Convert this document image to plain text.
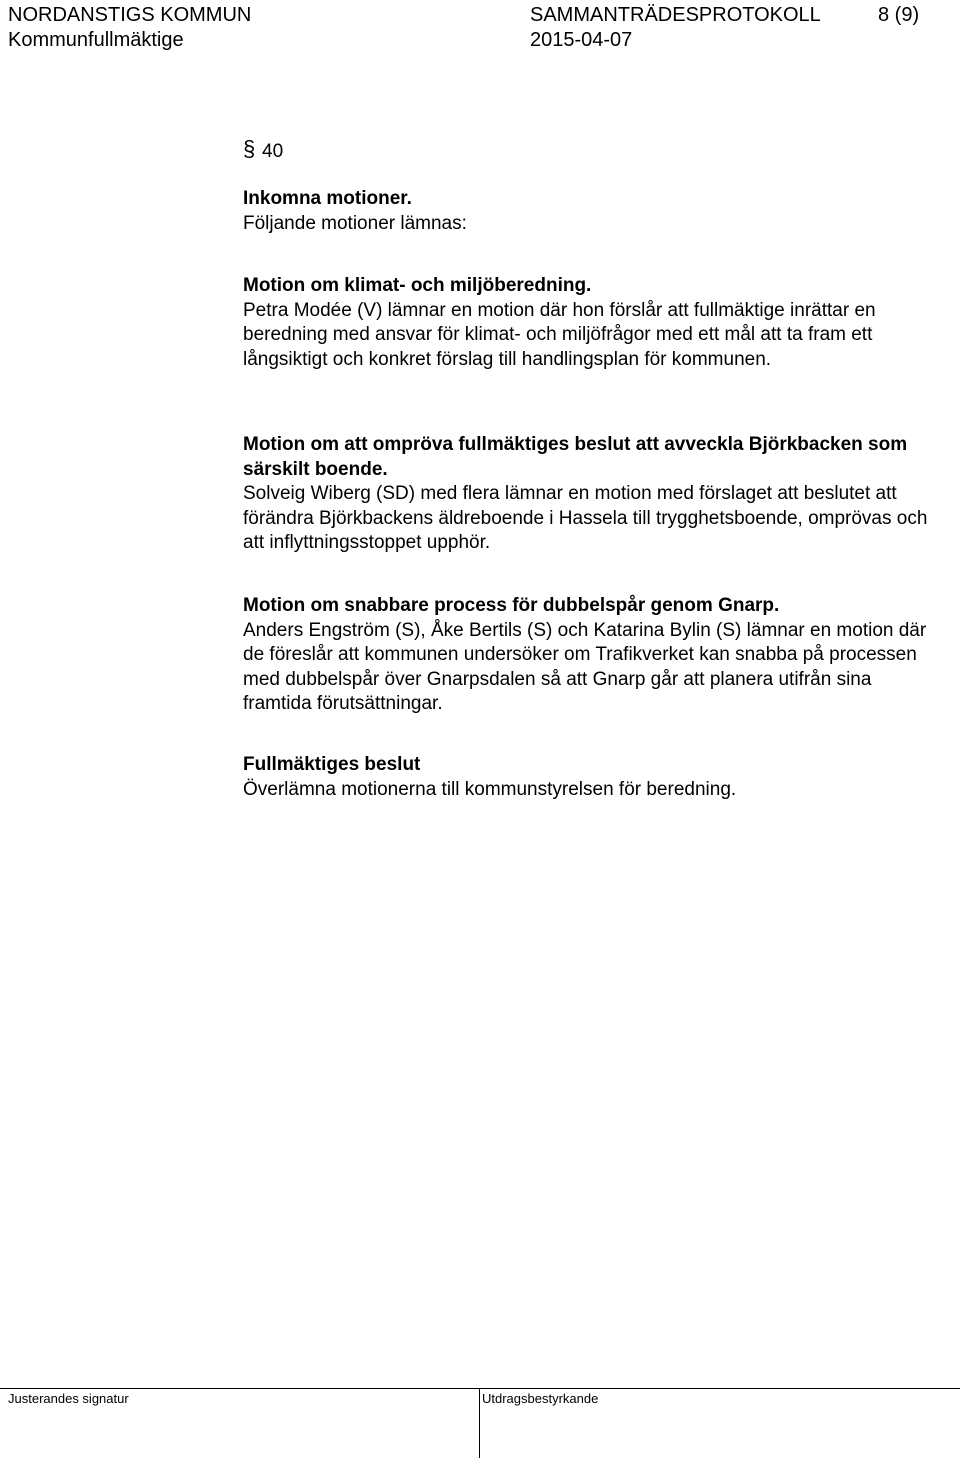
NORDANSTIGS KOMMUN
Kommunfullmäktige
SAMMANTRÄDESPROTOKOLL	8 (9)
2015-04-07
§ 40
Inkomna motioner.
Följande motioner lämnas:
Motion om klimat- och miljöberedning.
Petra Modée (V) lämnar en motion där hon förslår att fullmäktige inrättar en beredning med ansvar för klimat- och miljöfrågor med ett mål att ta fram ett långsiktigt och konkret förslag till handlingsplan för kommunen.
Motion om att ompröva fullmäktiges beslut att avveckla Björkbacken som särskilt boende.
Solveig Wiberg (SD) med flera lämnar en motion med förslaget att beslutet att förändra Björkbackens äldreboende i Hassela till trygghetsboende, omprövas och att inflyttningsstoppet upphör.
Motion om snabbare process för dubbelspår genom Gnarp.
Anders Engström (S), Åke Bertils (S) och Katarina Bylin (S) lämnar en motion där de föreslår att kommunen undersöker om Trafikverket kan snabba på processen med dubbelspår över Gnarpsdalen så att Gnarp går att planera utifrån sina framtida förutsättningar.
Fullmäktiges beslut
Överlämna motionerna till kommunstyrelsen för beredning.
Justerandes signatur	Utdragsbestyrkande
